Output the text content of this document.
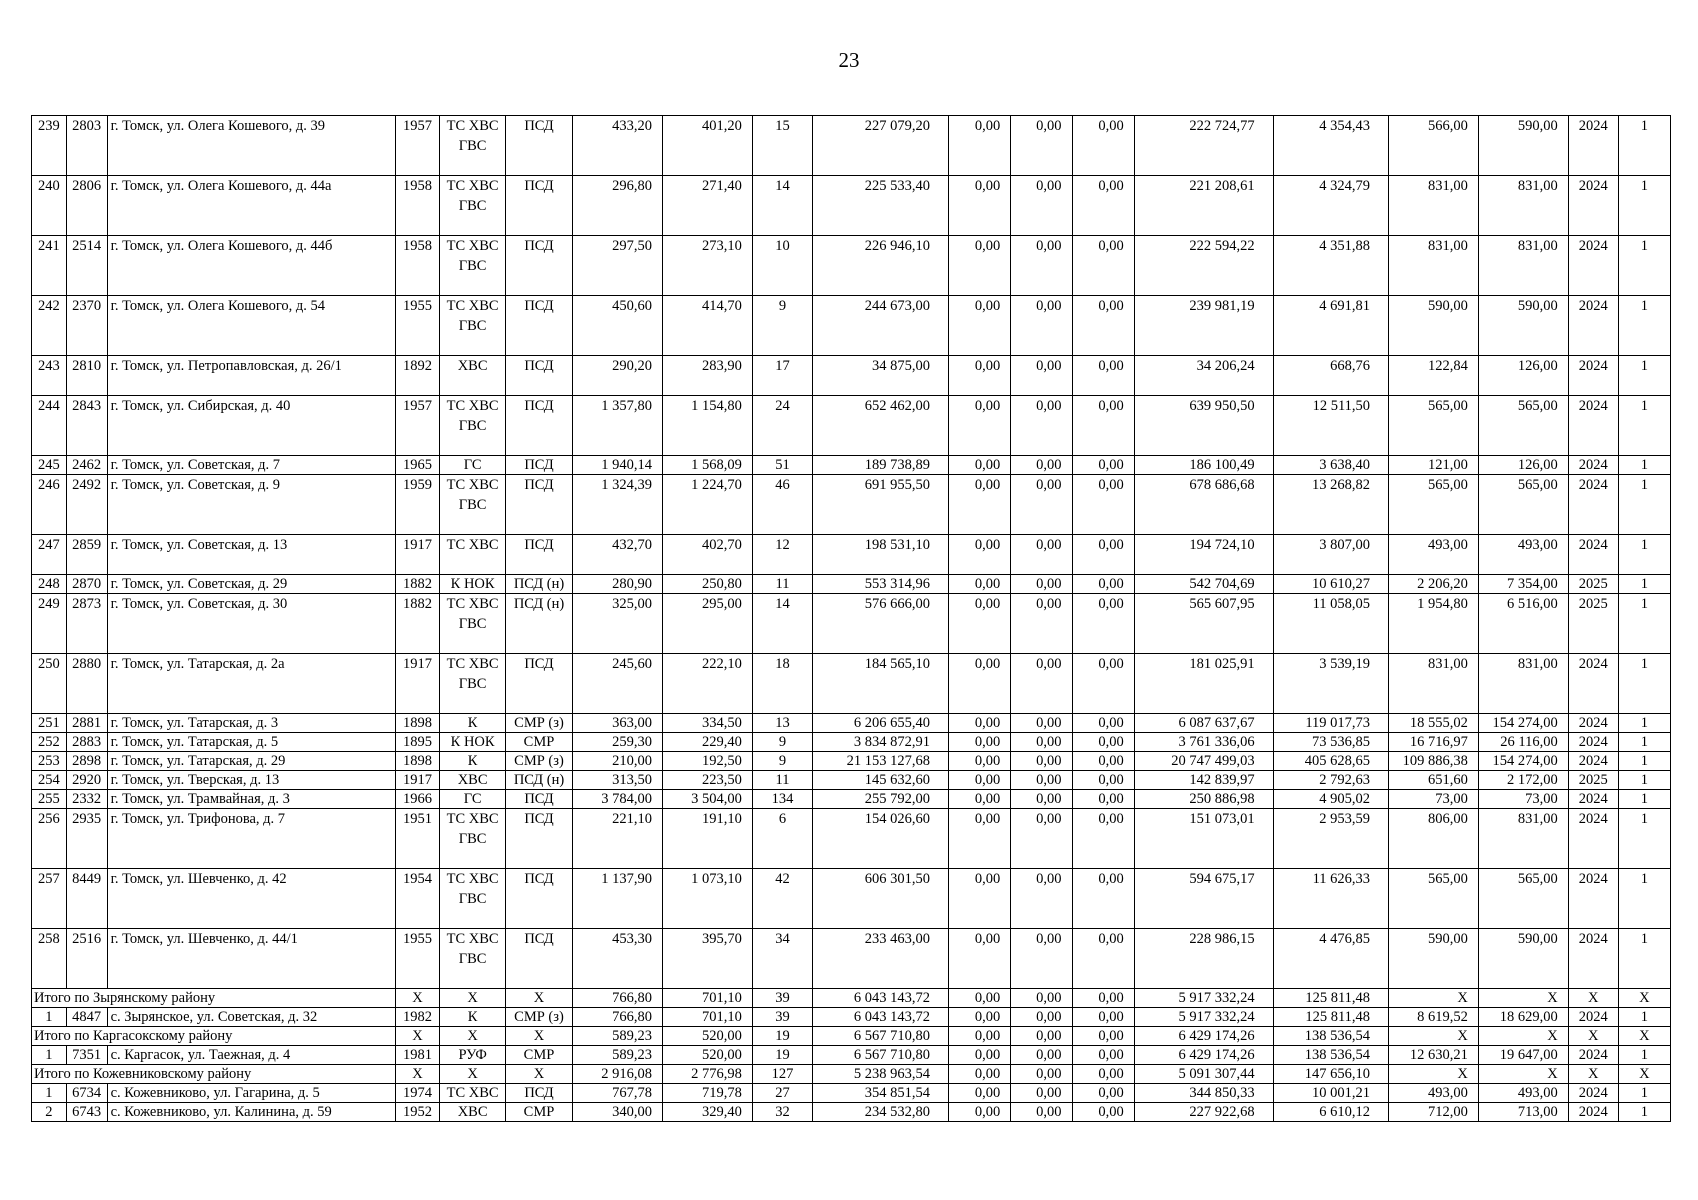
23
239	2803	г. Томск, ул. Олега Кошевого, д. 39	1957	ТС ХВС ГВС	ПСД	433,20	401,20	15	227 079,20	0,00	0,00	0,00	222 724,77	4 354,43	566,00	590,00	2024	1
240	2806	г. Томск, ул. Олега Кошевого, д. 44а	1958	ТС ХВС ГВС	ПСД	296,80	271,40	14	225 533,40	0,00	0,00	0,00	221 208,61	4 324,79	831,00	831,00	2024	1
241	2514	г. Томск, ул. Олега Кошевого, д. 44б	1958	ТС ХВС ГВС	ПСД	297,50	273,10	10	226 946,10	0,00	0,00	0,00	222 594,22	4 351,88	831,00	831,00	2024	1
242	2370	г. Томск, ул. Олега Кошевого, д. 54	1955	ТС ХВС ГВС	ПСД	450,60	414,70	9	244 673,00	0,00	0,00	0,00	239 981,19	4 691,81	590,00	590,00	2024	1
243	2810	г. Томск, ул. Петропавловская, д. 26/1	1892	ХВС	ПСД	290,20	283,90	17	34 875,00	0,00	0,00	0,00	34 206,24	668,76	122,84	126,00	2024	1
244	2843	г. Томск, ул. Сибирская, д. 40	1957	ТС ХВС ГВС	ПСД	1 357,80	1 154,80	24	652 462,00	0,00	0,00	0,00	639 950,50	12 511,50	565,00	565,00	2024	1
245	2462	г. Томск, ул. Советская, д. 7	1965	ГС	ПСД	1 940,14	1 568,09	51	189 738,89	0,00	0,00	0,00	186 100,49	3 638,40	121,00	126,00	2024	1
246	2492	г. Томск, ул. Советская, д. 9	1959	ТС ХВС ГВС	ПСД	1 324,39	1 224,70	46	691 955,50	0,00	0,00	0,00	678 686,68	13 268,82	565,00	565,00	2024	1
247	2859	г. Томск, ул. Советская, д. 13	1917	ТС ХВС	ПСД	432,70	402,70	12	198 531,10	0,00	0,00	0,00	194 724,10	3 807,00	493,00	493,00	2024	1
248	2870	г. Томск, ул. Советская, д. 29	1882	К НОК	ПСД (н)	280,90	250,80	11	553 314,96	0,00	0,00	0,00	542 704,69	10 610,27	2 206,20	7 354,00	2025	1
249	2873	г. Томск, ул. Советская, д. 30	1882	ТС ХВС ГВС	ПСД (н)	325,00	295,00	14	576 666,00	0,00	0,00	0,00	565 607,95	11 058,05	1 954,80	6 516,00	2025	1
250	2880	г. Томск, ул. Татарская, д. 2а	1917	ТС ХВС ГВС	ПСД	245,60	222,10	18	184 565,10	0,00	0,00	0,00	181 025,91	3 539,19	831,00	831,00	2024	1
251	2881	г. Томск, ул. Татарская, д. 3	1898	К	СМР (з)	363,00	334,50	13	6 206 655,40	0,00	0,00	0,00	6 087 637,67	119 017,73	18 555,02	154 274,00	2024	1
252	2883	г. Томск, ул. Татарская, д. 5	1895	К НОК	СМР	259,30	229,40	9	3 834 872,91	0,00	0,00	0,00	3 761 336,06	73 536,85	16 716,97	26 116,00	2024	1
253	2898	г. Томск, ул. Татарская, д. 29	1898	К	СМР (з)	210,00	192,50	9	21 153 127,68	0,00	0,00	0,00	20 747 499,03	405 628,65	109 886,38	154 274,00	2024	1
254	2920	г. Томск, ул. Тверская, д. 13	1917	ХВС	ПСД (н)	313,50	223,50	11	145 632,60	0,00	0,00	0,00	142 839,97	2 792,63	651,60	2 172,00	2025	1
255	2332	г. Томск, ул. Трамвайная, д. 3	1966	ГС	ПСД	3 784,00	3 504,00	134	255 792,00	0,00	0,00	0,00	250 886,98	4 905,02	73,00	73,00	2024	1
256	2935	г. Томск, ул. Трифонова, д. 7	1951	ТС ХВС ГВС	ПСД	221,10	191,10	6	154 026,60	0,00	0,00	0,00	151 073,01	2 953,59	806,00	831,00	2024	1
257	8449	г. Томск, ул. Шевченко, д. 42	1954	ТС ХВС ГВС	ПСД	1 137,90	1 073,10	42	606 301,50	0,00	0,00	0,00	594 675,17	11 626,33	565,00	565,00	2024	1
258	2516	г. Томск, ул. Шевченко, д. 44/1	1955	ТС ХВС ГВС	ПСД	453,30	395,70	34	233 463,00	0,00	0,00	0,00	228 986,15	4 476,85	590,00	590,00	2024	1
Итого по Зырянскому району			X	X	X	766,80	701,10	39	6 043 143,72	0,00	0,00	0,00	5 917 332,24	125 811,48	X	X	X	X
1	4847	с. Зырянское, ул. Советская, д. 32	1982	К	СМР (з)	766,80	701,10	39	6 043 143,72	0,00	0,00	0,00	5 917 332,24	125 811,48	8 619,52	18 629,00	2024	1
Итого по Каргасокскому району			X	X	X	589,23	520,00	19	6 567 710,80	0,00	0,00	0,00	6 429 174,26	138 536,54	X	X	X	X
1	7351	с. Каргасок, ул. Таежная, д. 4	1981	РУФ	СМР	589,23	520,00	19	6 567 710,80	0,00	0,00	0,00	6 429 174,26	138 536,54	12 630,21	19 647,00	2024	1
Итого по Кожевниковскому району			X	X	X	2 916,08	2 776,98	127	5 238 963,54	0,00	0,00	0,00	5 091 307,44	147 656,10	X	X	X	X
1	6734	с. Кожевниково, ул. Гагарина, д. 5	1974	ТС ХВС	ПСД	767,78	719,78	27	354 851,54	0,00	0,00	0,00	344 850,33	10 001,21	493,00	493,00	2024	1
2	6743	с. Кожевниково, ул. Калинина, д. 59	1952	ХВС	СМР	340,00	329,40	32	234 532,80	0,00	0,00	0,00	227 922,68	6 610,12	712,00	713,00	2024	1
